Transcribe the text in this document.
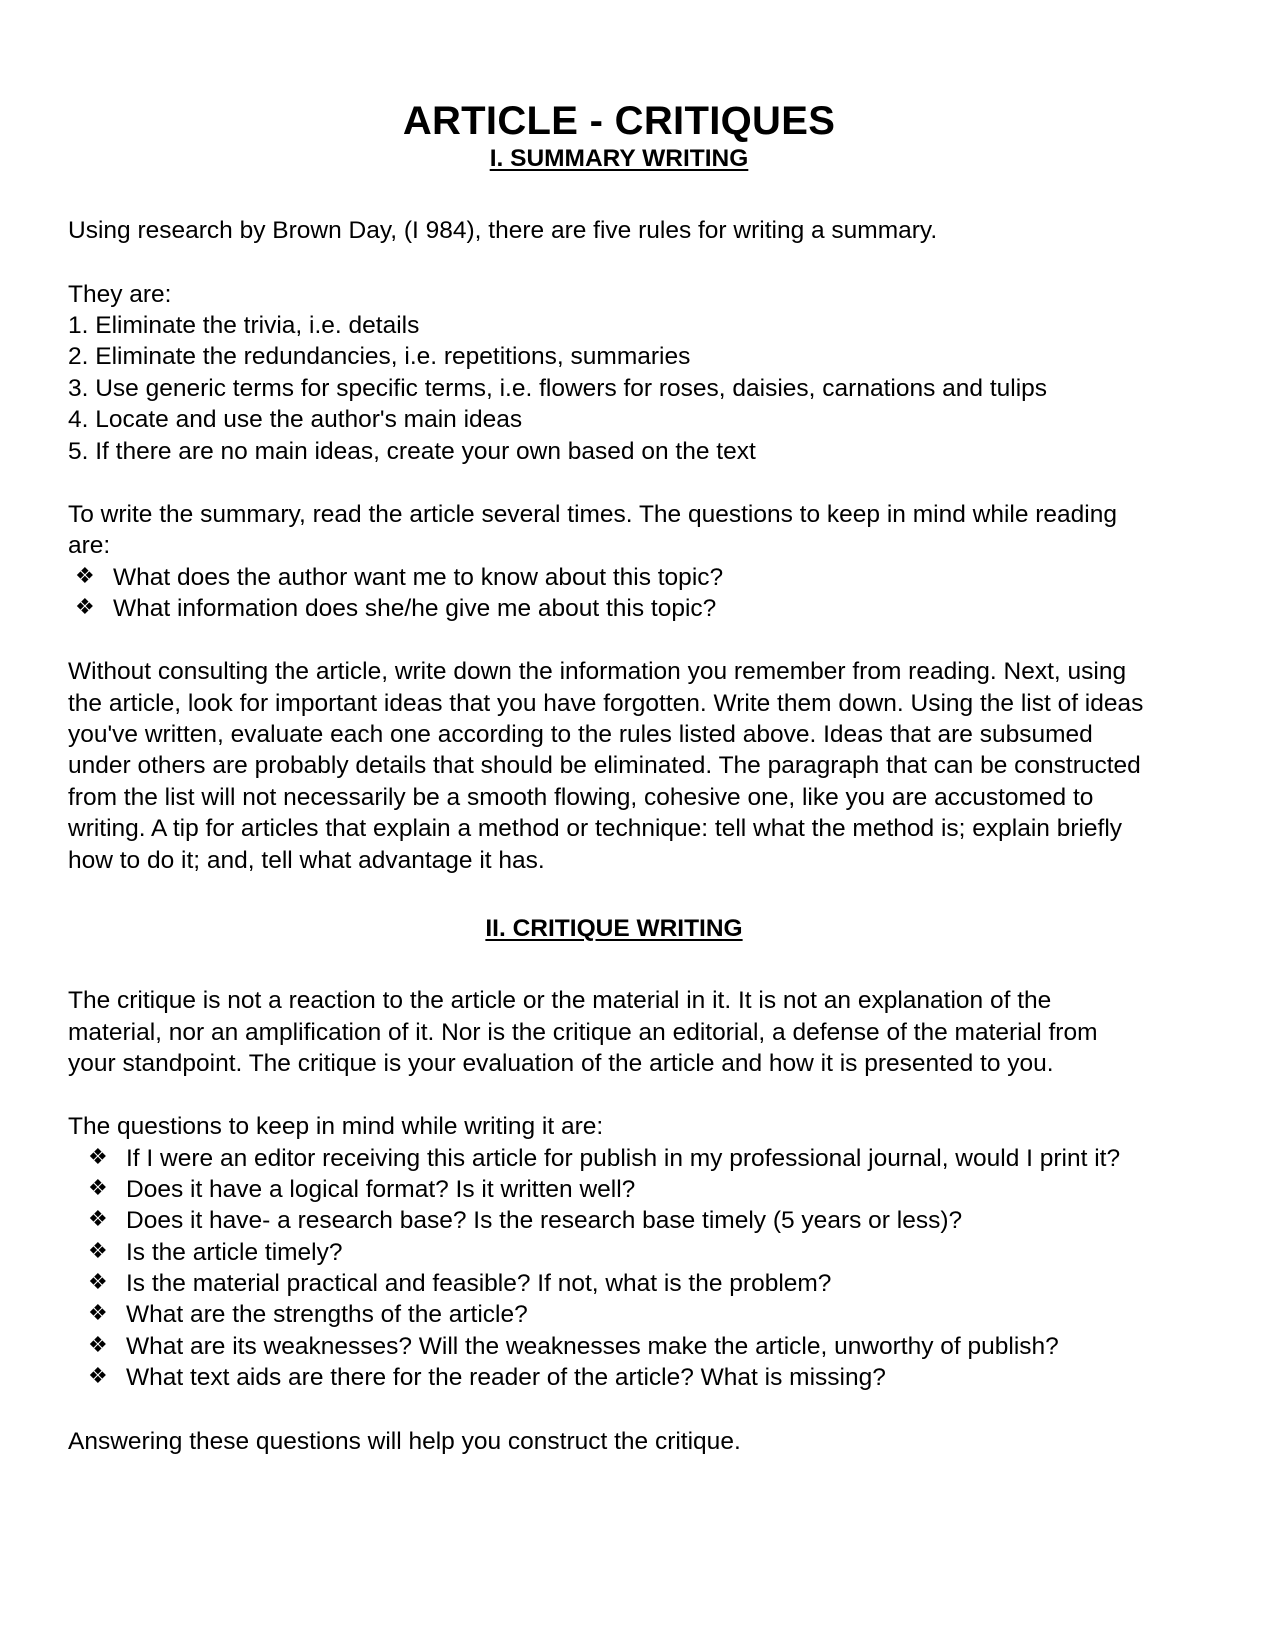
ARTICLE - CRITIQUES
I. SUMMARY WRITING

Using research by Brown Day, (I 984), there are five rules for writing a summary.

They are:

1. Eliminate the trivia, i.e. details
2. Eliminate the redundancies, i.e. repetitions, summaries
3. Use generic terms for specific terms, i.e. flowers for roses, daisies, carnations and tulips
4. Locate and use the author's main ideas
5. If there are no main ideas, create your own based on the text

To write the summary, read the article several times. The questions to keep in mind while reading are:

❖ What does the author want me to know about this topic?
❖ What information does she/he give me about this topic?

Without consulting the article, write down the information you remember from reading. Next, using the article, look for important ideas that you have forgotten. Write them down. Using the list of ideas you've written, evaluate each one according to the rules listed above. Ideas that are subsumed under others are probably details that should be eliminated. The paragraph that can be constructed from the list will not necessarily be a smooth flowing, cohesive one, like you are accustomed to writing. A tip for articles that explain a method or technique: tell what the method is; explain briefly how to do it; and, tell what advantage it has.

II. CRITIQUE WRITING

The critique is not a reaction to the article or the material in it. It is not an explanation of the material, nor an amplification of it. Nor is the critique an editorial, a defense of the material from your standpoint. The critique is your evaluation of the article and how it is presented to you.

The questions to keep in mind while writing it are:

❖ If I were an editor receiving this article for publish in my professional journal, would I print it?
❖ Does it have a logical format? Is it written well?
❖ Does it have- a research base? Is the research base timely (5 years or less)?
❖ Is the article timely?
❖ Is the material practical and feasible? If not, what is the problem?
❖ What are the strengths of the article?
❖ What are its weaknesses? Will the weaknesses make the article, unworthy of publish?
❖ What text aids are there for the reader of the article? What is missing?

Answering these questions will help you construct the critique.
